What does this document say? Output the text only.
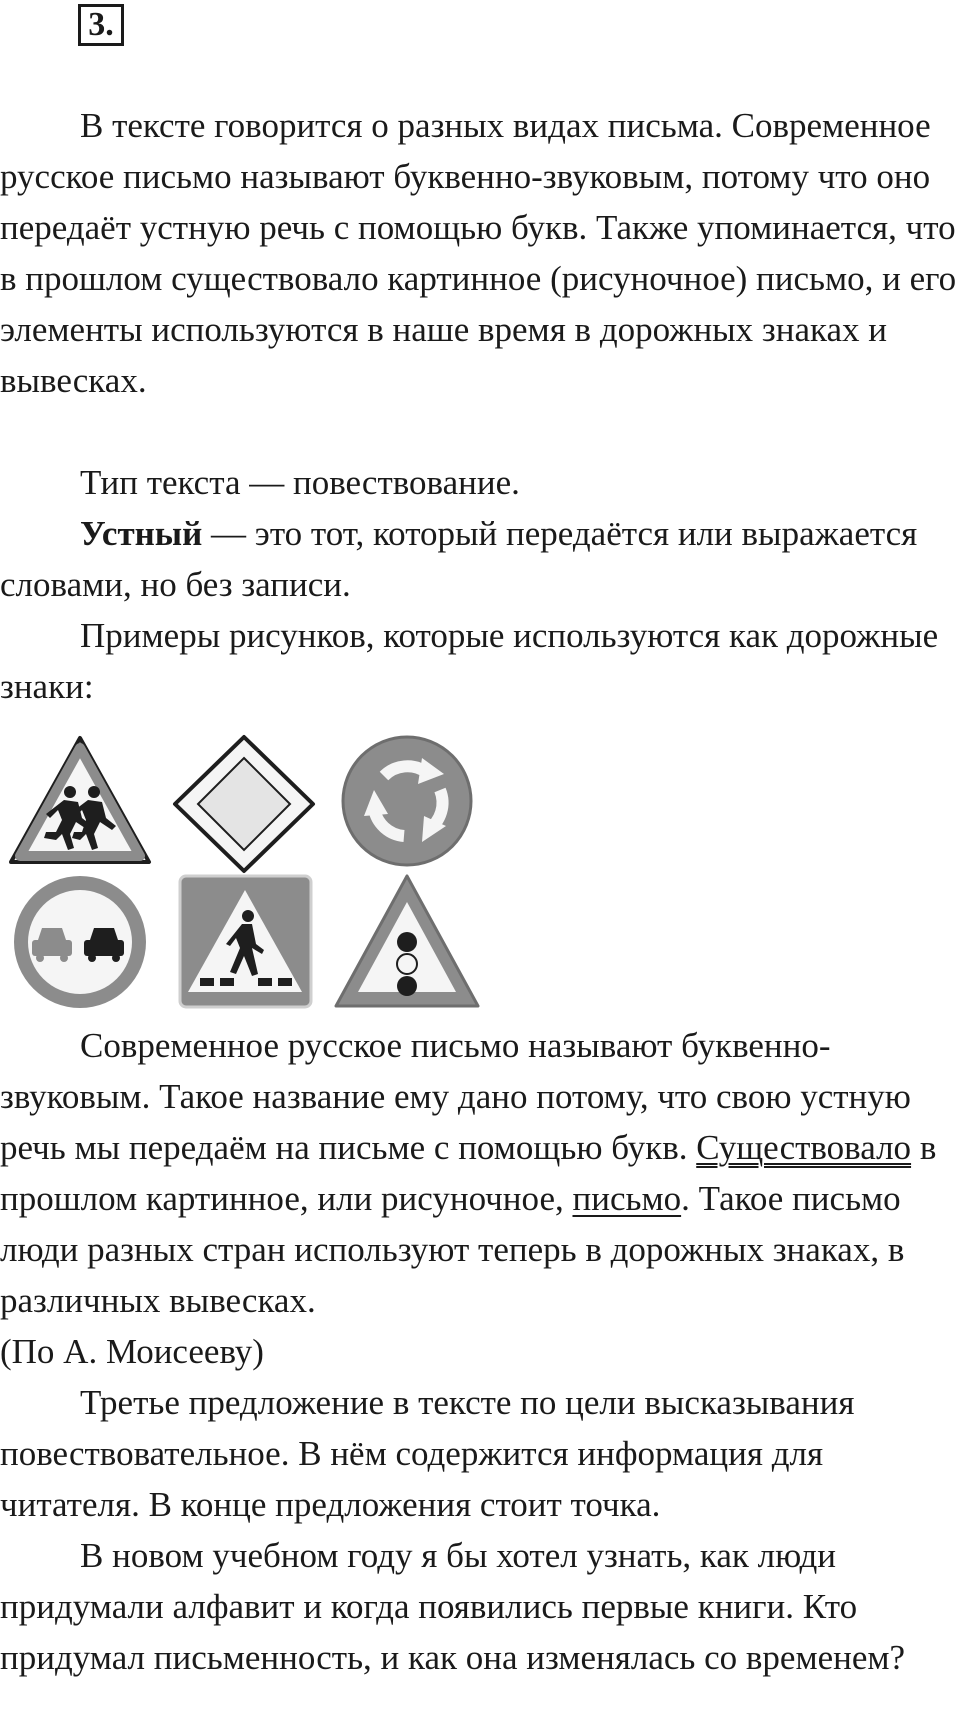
3.

В тексте говорится о разных видах письма. Современное русское письмо называют буквенно-звуковым, потому что оно передаёт устную речь с помощью букв. Также упоминается, что в прошлом существовало картинное (рисуночное) письмо, и его элементы используются в наше время в дорожных знаках и вывесках.

Тип текста — повествование.

Устный — это тот, который передаётся или выражается словами, но без записи.

Примеры рисунков, которые используются как дорожные знаки:

Современное русское письмо называют буквенно-звуковым. Такое название ему дано потому, что свою устную речь мы передаём на письме с помощью букв. Существовало в прошлом картинное, или рисуночное, письмо. Такое письмо люди разных стран используют теперь в дорожных знаках, в различных вывесках.

(По А. Моисееву)

Третье предложение в тексте по цели высказывания повествовательное. В нём содержится информация для читателя. В конце предложения стоит точка.

В новом учебном году я бы хотел узнать, как люди придумали алфавит и когда появились первые книги. Кто придумал письменность, и как она изменялась со временем?
